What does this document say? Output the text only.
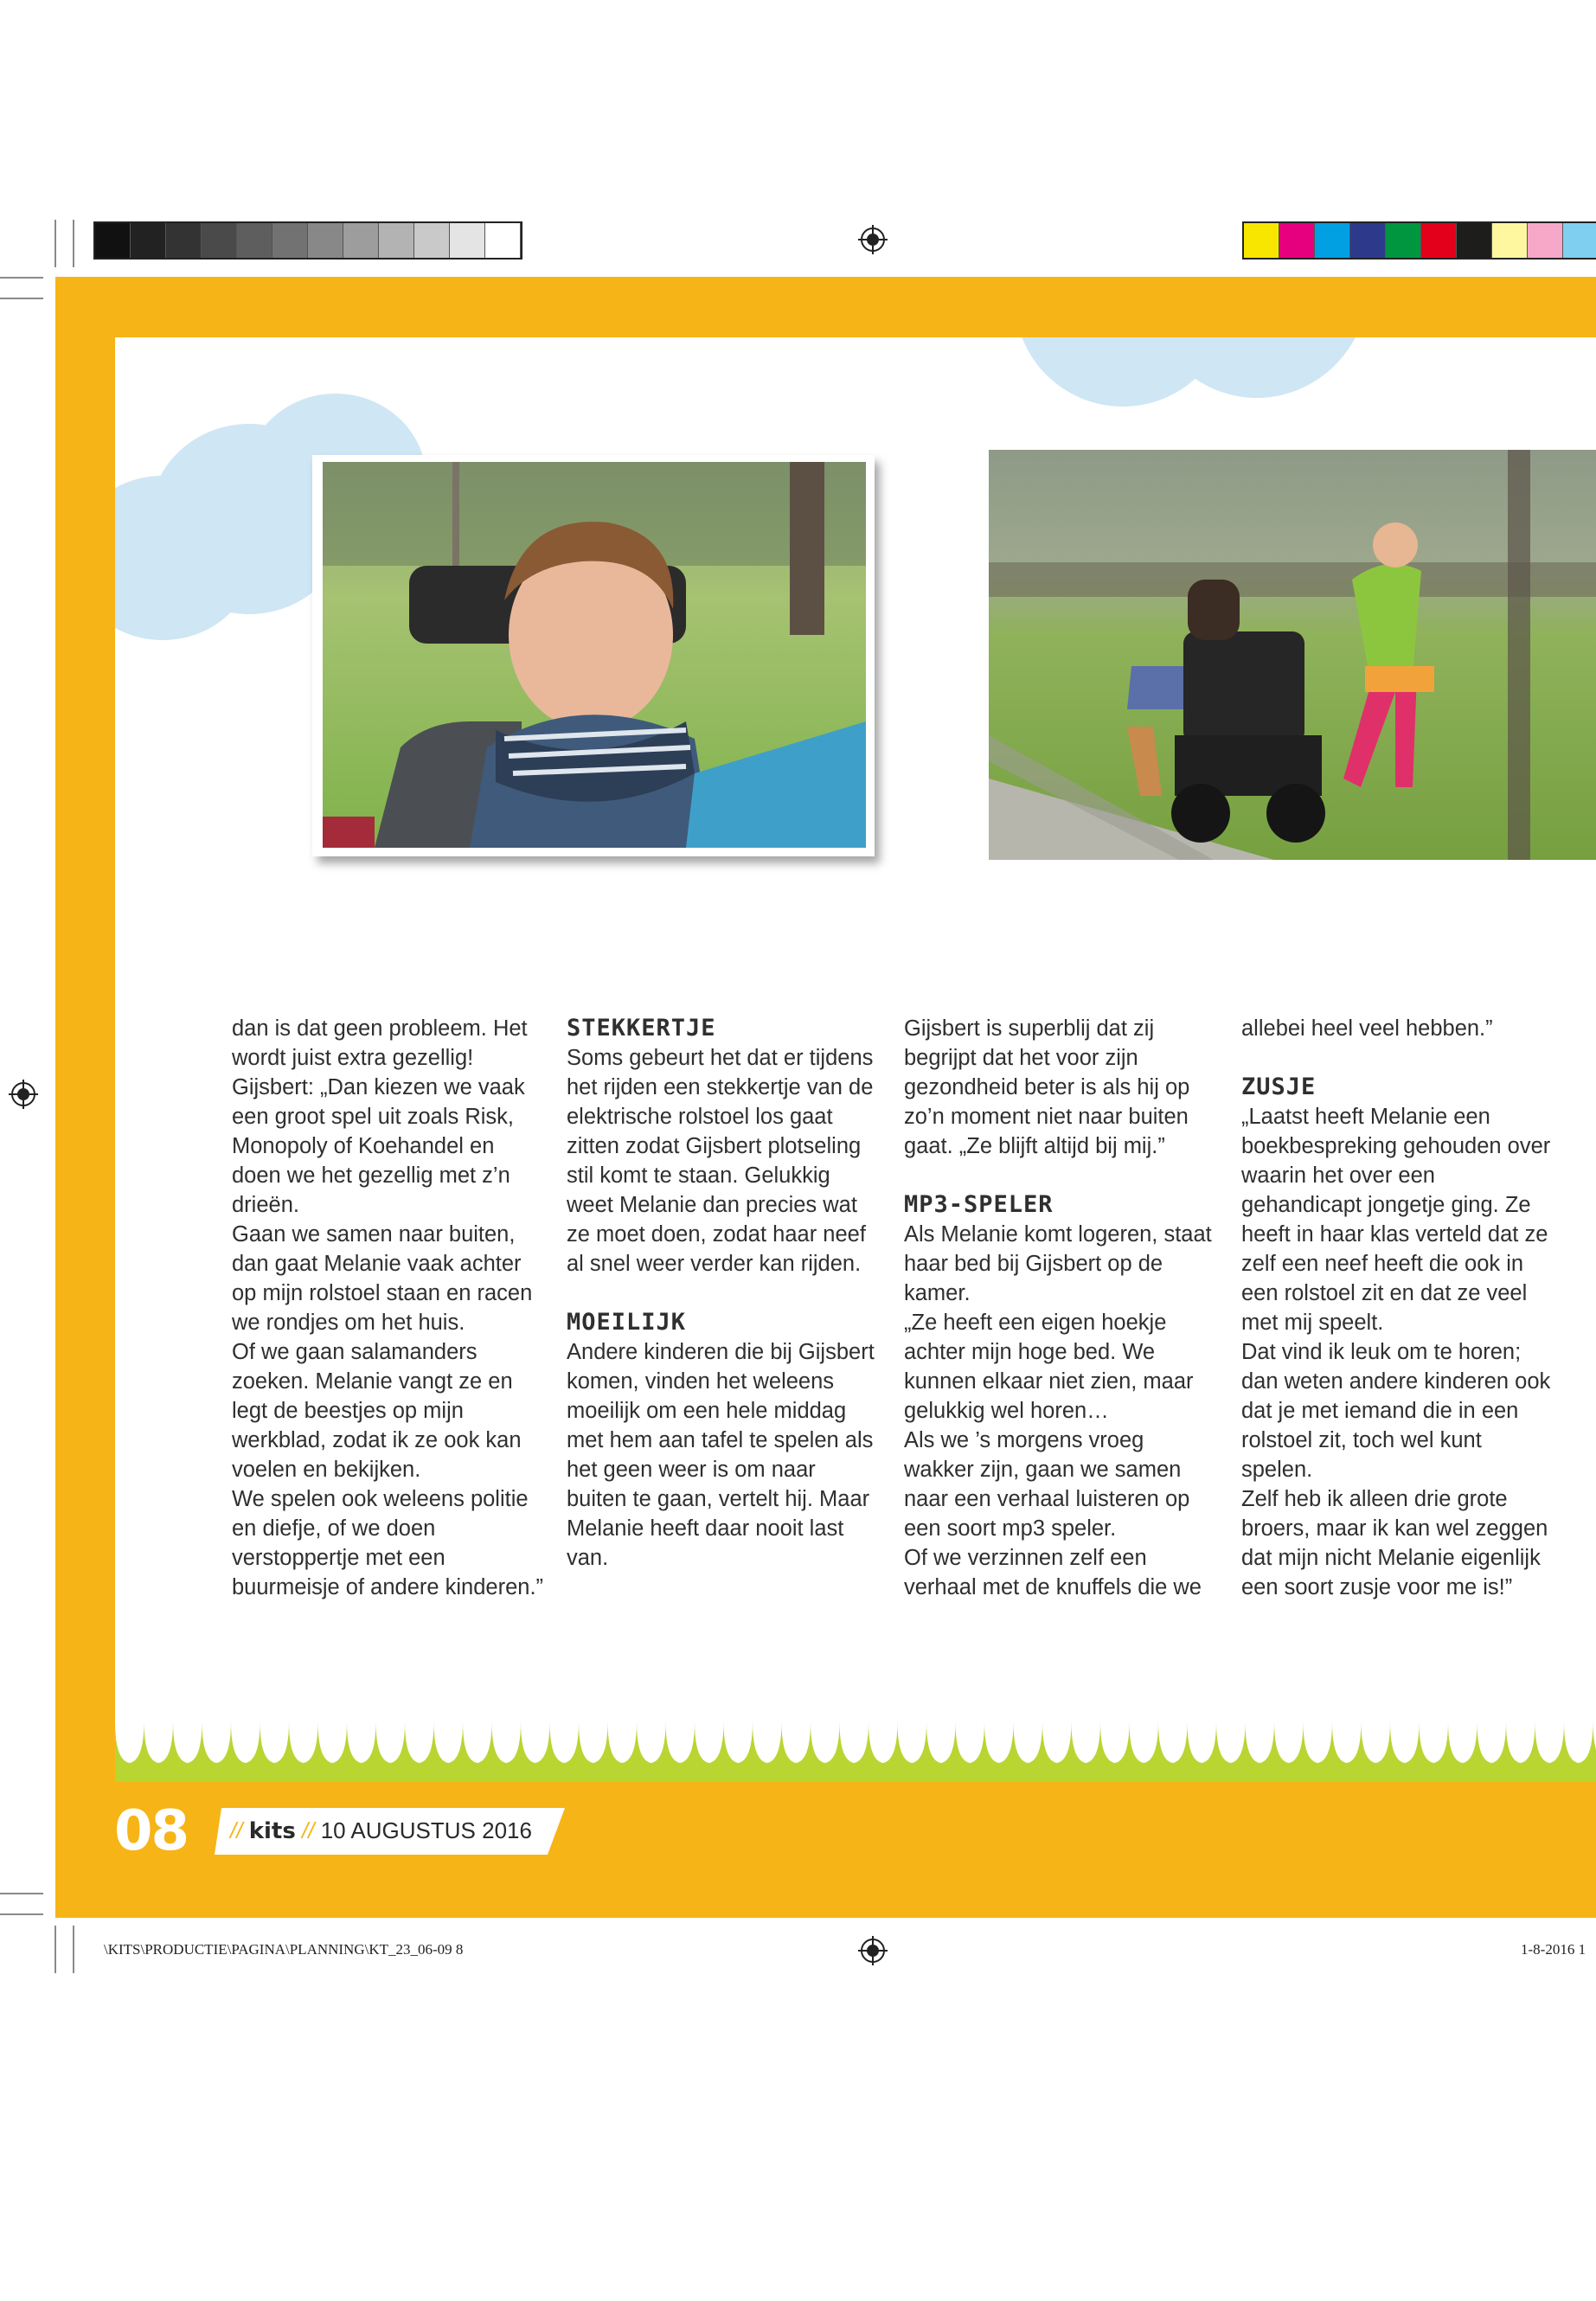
dan is dat geen probleem. Het wordt juist extra gezellig! Gijsbert: „Dan kiezen we vaak een groot spel uit zoals Risk, Monopoly of Koehandel en doen we het gezellig met z’n drieën.

Gaan we samen naar buiten, dan gaat Melanie vaak achter op mijn rolstoel staan en racen we rondjes om het huis.

Of we gaan salamanders zoeken. Melanie vangt ze en legt de beestjes op mijn werkblad, zodat ik ze ook kan voelen en bekijken.

We spelen ook weleens politie en diefje, of we doen verstoppertje met een buurmeisje of andere kinderen.”

STEKKERTJE

Soms gebeurt het dat er tijdens het rijden een stekkertje van de elektrische rolstoel los gaat zitten zodat Gijsbert plotseling stil komt te staan. Gelukkig weet Melanie dan precies wat ze moet doen, zodat haar neef al snel weer verder kan rijden.

MOEILIJK

Andere kinderen die bij Gijsbert komen, vinden het weleens moeilijk om een hele middag met hem aan tafel te spelen als het geen weer is om naar buiten te gaan, vertelt hij. Maar Melanie heeft daar nooit last van.

Gijsbert is superblij dat zij begrijpt dat het voor zijn gezondheid beter is als hij op zo’n moment niet naar buiten gaat. „Ze blijft altijd bij mij.”

MP3-SPELER

Als Melanie komt logeren, staat haar bed bij Gijsbert op de kamer.

„Ze heeft een eigen hoekje achter mijn hoge bed. We kunnen elkaar niet zien, maar gelukkig wel horen…

Als we ’s morgens vroeg wakker zijn, gaan we samen naar een verhaal luisteren op een soort mp3 speler.

Of we verzinnen zelf een verhaal met de knuffels die we

allebei heel veel hebben.”

ZUSJE

„Laatst heeft Melanie een boekbespreking gehouden over waarin het over een gehandicapt jongetje ging. Ze heeft in haar klas verteld dat ze zelf een neef heeft die ook in een rolstoel zit en dat ze veel met mij speelt.

Dat vind ik leuk om te horen; dan weten andere kinderen ook dat je met iemand die in een rolstoel zit, toch wel kunt spelen.

Zelf heb ik alleen drie grote broers, maar ik kan wel zeggen dat mijn nicht Melanie eigenlijk een soort zusje voor me is!”

08 // kits // 10 AUGUSTUS 2016
\KITS\PRODUCTIE\PAGINA\PLANNING\KT_23_06-09 8	1-8-2016 1
